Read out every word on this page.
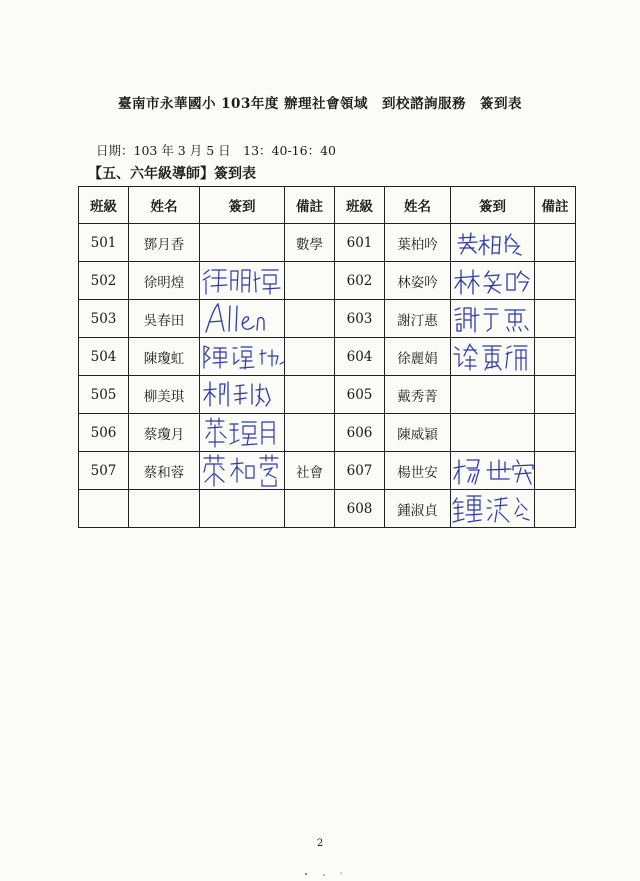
臺南市永華國小 103年度 辦理社會領域　到校諮詢服務　簽到表
日期：103 年 3 月 5 日　13：40-16：40
【五、六年級導師】簽到表
班級	姓名	簽到	備註	班級	姓名	簽到	備註
501	鄧月香		數學	601	葉柏吟	

502	徐明煌			602	林姿吟	

503	吳春田			603	謝汀惠	

504	陳瓊虹			604	徐麗娟	

505	柳美琪			605	戴秀菁		
506	蔡瓊月			606	陳威穎		
507	蔡和蓉		社會	607	楊世安	

				608	鍾淑貞	

2
